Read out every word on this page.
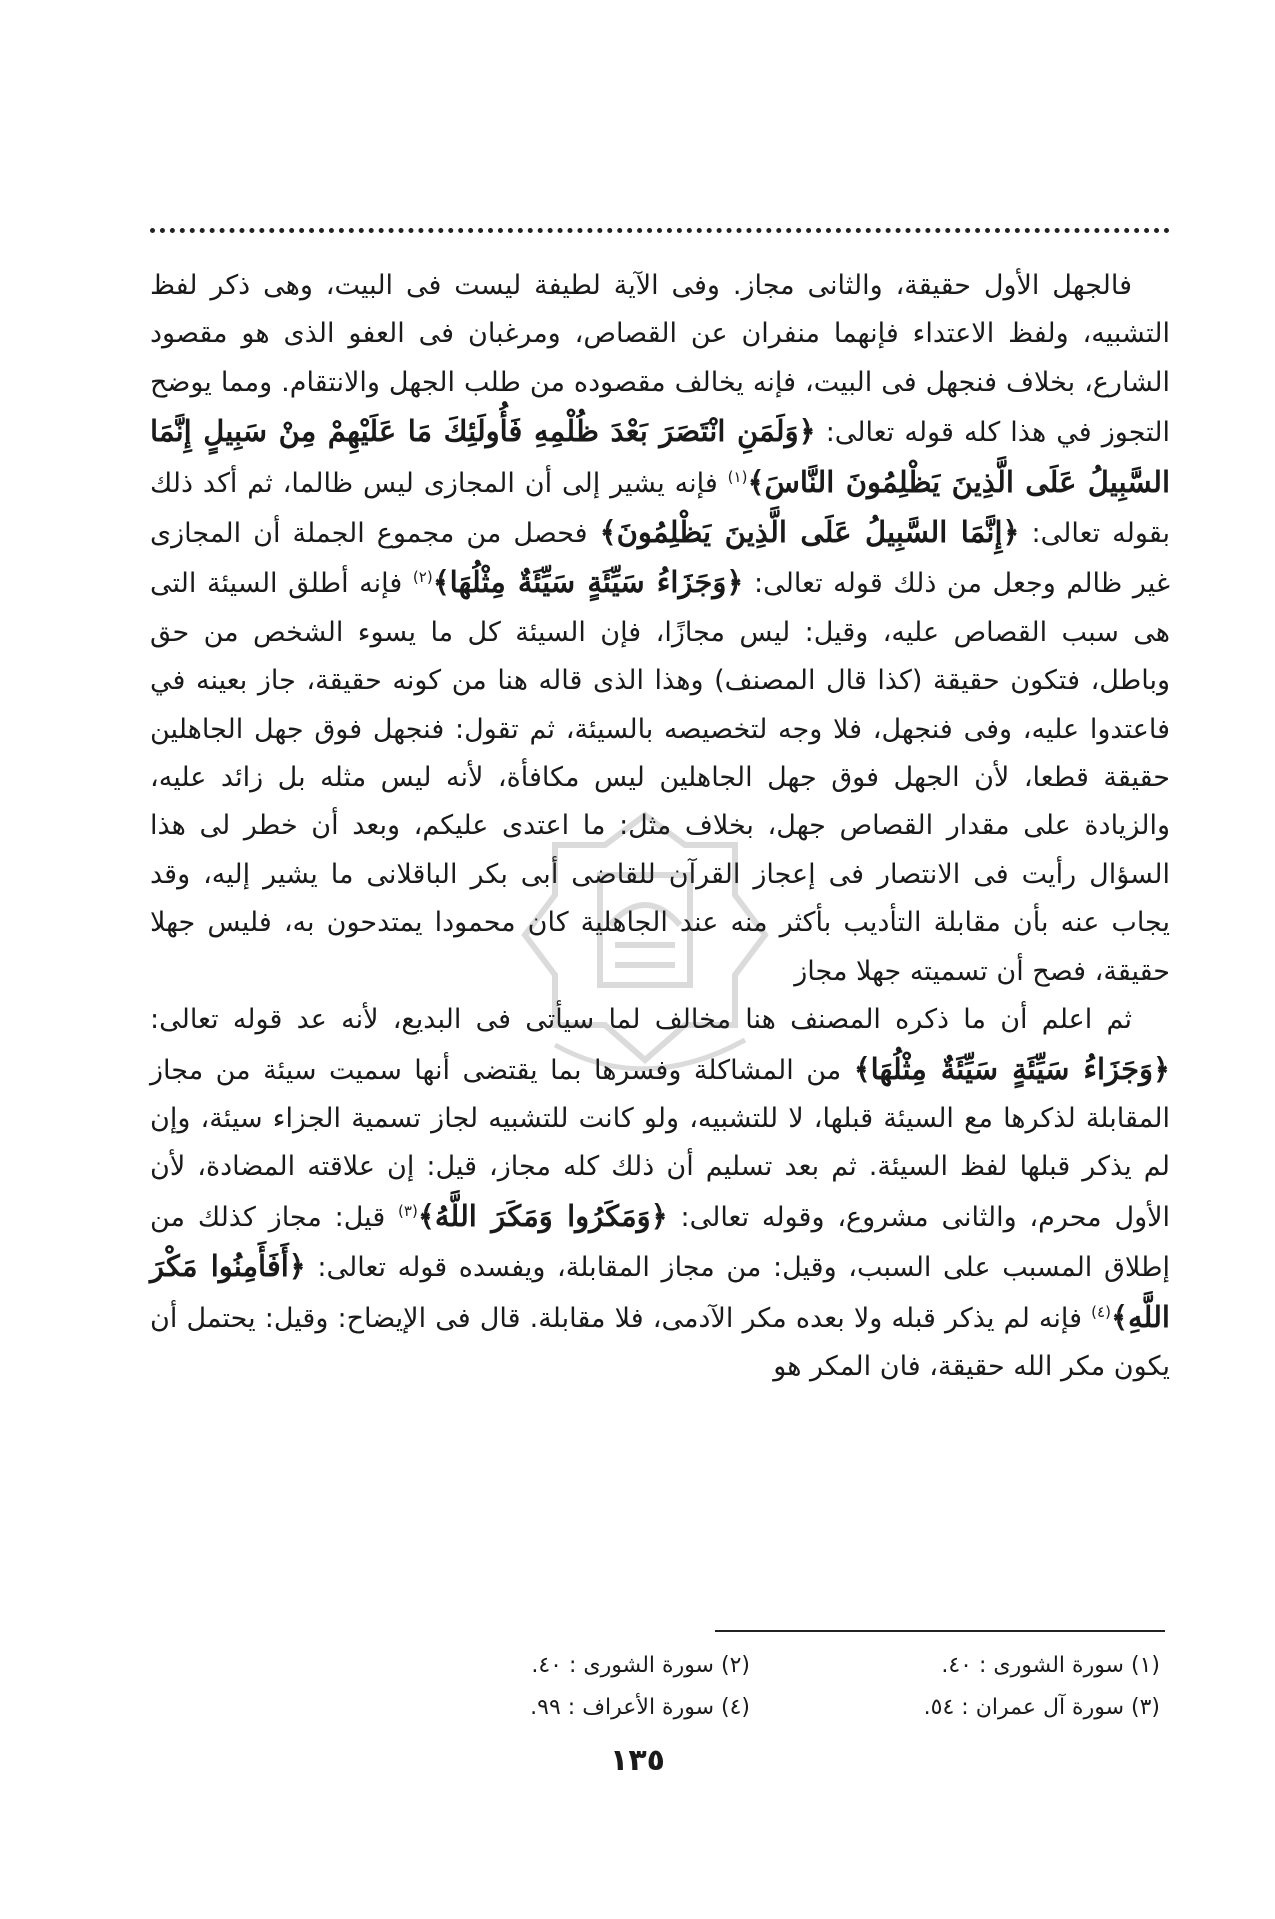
فالجهل الأول حقيقة، والثانى مجاز. وفى الآية لطيفة ليست فى البيت، وهى ذكر لفظ التشبيه، ولفظ الاعتداء فإنهما منفران عن القصاص، ومرغبان فى العفو الذى هو مقصود الشارع، بخلاف فنجهل فى البيت، فإنه يخالف مقصوده من طلب الجهل والانتقام. ومما يوضح التجوز في هذا كله قوله تعالى: ﴿وَلَمَنِ انْتَصَرَ بَعْدَ ظُلْمِهِ فَأُولَئِكَ مَا عَلَيْهِمْ مِنْ سَبِيلٍ إِنَّمَا السَّبِيلُ عَلَى الَّذِينَ يَظْلِمُونَ النَّاسَ﴾$^{(١)}$ فإنه يشير إلى أن المجازى ليس ظالما، ثم أكد ذلك بقوله تعالى: ﴿إِنَّمَا السَّبِيلُ عَلَى الَّذِينَ يَظْلِمُونَ﴾ فحصل من مجموع الجملة أن المجازى غير ظالم وجعل من ذلك قوله تعالى: ﴿وَجَزَاءُ سَيِّئَةٍ سَيِّئَةٌ مِثْلُهَا﴾$^{(٢)}$ فإنه أطلق السيئة التى هى سبب القصاص عليه، وقيل: ليس مجازًا، فإن السيئة كل ما يسوء الشخص من حق وباطل، فتكون حقيقة (كذا قال المصنف) وهذا الذى قاله هنا من كونه حقيقة، جاز بعينه في فاعتدوا عليه، وفى فنجهل، فلا وجه لتخصيصه بالسيئة، ثم تقول: فنجهل فوق جهل الجاهلين حقيقة قطعا، لأن الجهل فوق جهل الجاهلين ليس مكافأة، لأنه ليس مثله بل زائد عليه، والزيادة على مقدار القصاص جهل، بخلاف مثل: ما اعتدى عليكم، وبعد أن خطر لى هذا السؤال رأيت فى الانتصار فى إعجاز القرآن للقاضى أبى بكر الباقلانى ما يشير إليه، وقد يجاب عنه بأن مقابلة التأديب بأكثر منه عند الجاهلية كان محمودا يمتدحون به، فليس جهلا حقيقة، فصح أن تسميته جهلا مجاز

ثم اعلم أن ما ذكره المصنف هنا مخالف لما سيأتى فى البديع، لأنه عد قوله تعالى: ﴿وَجَزَاءُ سَيِّئَةٍ سَيِّئَةٌ مِثْلُهَا﴾ من المشاكلة وفسرها بما يقتضى أنها سميت سيئة من مجاز المقابلة لذكرها مع السيئة قبلها، لا للتشبيه، ولو كانت للتشبيه لجاز تسمية الجزاء سيئة، وإن لم يذكر قبلها لفظ السيئة. ثم بعد تسليم أن ذلك كله مجاز، قيل: إن علاقته المضادة، لأن الأول محرم، والثانى مشروع، وقوله تعالى: ﴿وَمَكَرُوا وَمَكَرَ اللَّهُ﴾$^{(٣)}$ قيل: مجاز كذلك من إطلاق المسبب على السبب، وقيل: من مجاز المقابلة، ويفسده قوله تعالى: ﴿أَفَأَمِنُوا مَكْرَ اللَّهِ﴾$^{(٤)}$ فإنه لم يذكر قبله ولا بعده مكر الآدمى، فلا مقابلة. قال فى الإيضاح: وقيل: يحتمل أن يكون مكر الله حقيقة، فان المكر هو

(١) سورة الشورى : ٤٠.
(٢) سورة الشورى : ٤٠.
(٣) سورة آل عمران : ٥٤.
(٤) سورة الأعراف : ٩٩.
١٣٥
